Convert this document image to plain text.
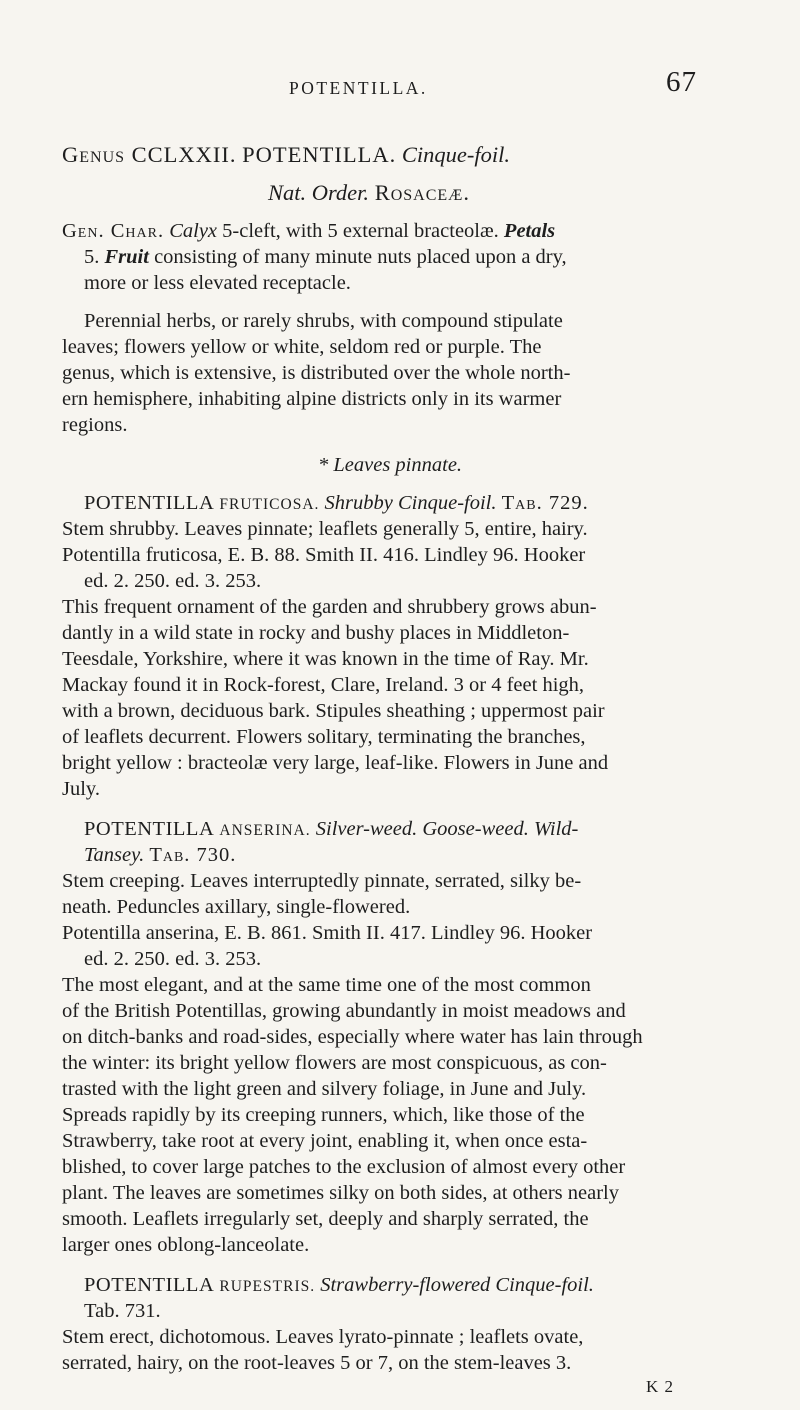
POTENTILLA.	67
Genus CCLXXII. POTENTILLA. Cinque-foil.
Nat. Order. Rosaceæ.
Gen. Char. Calyx 5-cleft, with 5 external bracteolæ. Petals
5. Fruit consisting of many minute nuts placed upon a dry,
more or less elevated receptacle.
Perennial herbs, or rarely shrubs, with compound stipulate
leaves; flowers yellow or white, seldom red or purple. The
genus, which is extensive, is distributed over the whole north-
ern hemisphere, inhabiting alpine districts only in its warmer
regions.
* Leaves pinnate.
POTENTILLA FRUTICOSA. Shrubby Cinque-foil. Tab. 729.
Stem shrubby. Leaves pinnate; leaflets generally 5, entire, hairy.
Potentilla fruticosa, E. B. 88. Smith II. 416. Lindley 96. Hooker
ed. 2. 250. ed. 3. 253.
This frequent ornament of the garden and shrubbery grows abun-
dantly in a wild state in rocky and bushy places in Middleton-
Teesdale, Yorkshire, where it was known in the time of Ray. Mr.
Mackay found it in Rock-forest, Clare, Ireland. 3 or 4 feet high,
with a brown, deciduous bark. Stipules sheathing ; uppermost pair
of leaflets decurrent. Flowers solitary, terminating the branches,
bright yellow : bracteolæ very large, leaf-like. Flowers in June and
July.
POTENTILLA ANSERINA. Silver-weed. Goose-weed. Wild-
Tansey. Tab. 730.
Stem creeping. Leaves interruptedly pinnate, serrated, silky be-
neath. Peduncles axillary, single-flowered.
Potentilla anserina, E. B. 861. Smith II. 417. Lindley 96. Hooker
ed. 2. 250. ed. 3. 253.
The most elegant, and at the same time one of the most common
of the British Potentillas, growing abundantly in moist meadows and
on ditch-banks and road-sides, especially where water has lain through
the winter: its bright yellow flowers are most conspicuous, as con-
trasted with the light green and silvery foliage, in June and July.
Spreads rapidly by its creeping runners, which, like those of the
Strawberry, take root at every joint, enabling it, when once esta-
blished, to cover large patches to the exclusion of almost every other
plant. The leaves are sometimes silky on both sides, at others nearly
smooth. Leaflets irregularly set, deeply and sharply serrated, the
larger ones oblong-lanceolate.
POTENTILLA RUPESTRIS. Strawberry-flowered Cinque-foil.
Tab. 731.
Stem erect, dichotomous. Leaves lyrato-pinnate ; leaflets ovate,
serrated, hairy, on the root-leaves 5 or 7, on the stem-leaves 3.
K 2
